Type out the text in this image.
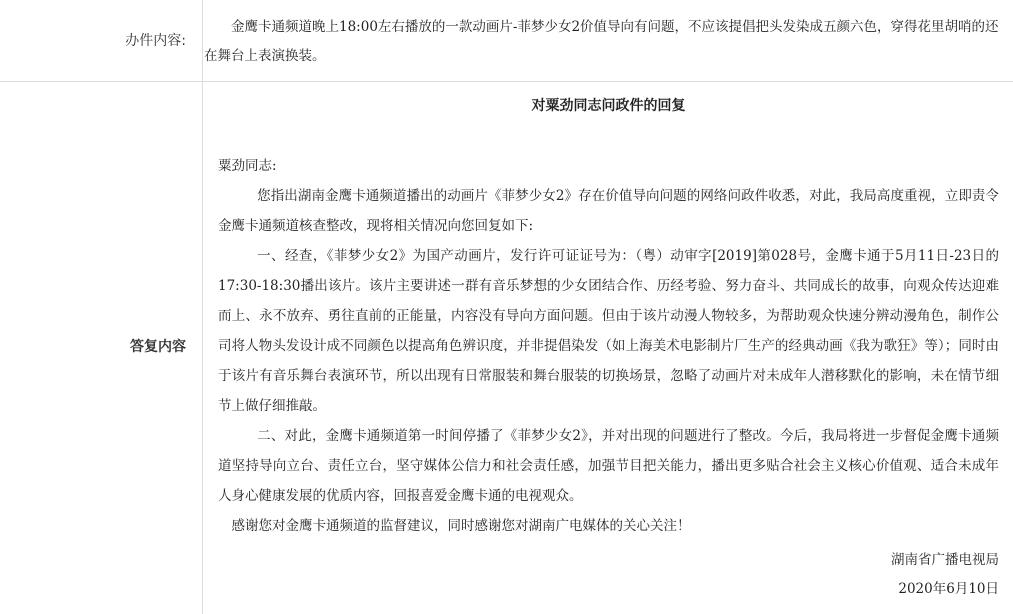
办件内容:
金鹰卡通频道晚上18:00左右播放的一款动画片-菲梦少女2价值导向有问题，不应该提倡把头发染成五颜六色，穿得花里胡哨的还在舞台上表演换装。
答复内容
对粟劲同志问政件的回复
粟劲同志:

您指出湖南金鹰卡通频道播出的动画片《菲梦少女2》存在价值导向问题的网络问政件收悉，对此，我局高度重视，立即责令金鹰卡通频道核查整改，现将相关情况向您回复如下:

一、经查，《菲梦少女2》为国产动画片，发行许可证证号为：（粤）动审字[2019]第028号，金鹰卡通于5月11日-23日的17:30-18:30播出该片。该片主要讲述一群有音乐梦想的少女团结合作、历经考验、努力奋斗、共同成长的故事，向观众传达迎难而上、永不放弃、勇往直前的正能量，内容没有导向方面问题。但由于该片动漫人物较多，为帮助观众快速分辨动漫角色，制作公司将人物头发设计成不同颜色以提高角色辨识度，并非提倡染发（如上海美术电影制片厂生产的经典动画《我为歌狂》等）；同时由于该片有音乐舞台表演环节，所以出现有日常服装和舞台服装的切换场景，忽略了动画片对未成年人潜移默化的影响，未在情节细节上做仔细推敲。

二、对此，金鹰卡通频道第一时间停播了《菲梦少女2》，并对出现的问题进行了整改。今后，我局将进一步督促金鹰卡通频道坚持导向立台、责任立台，坚守媒体公信力和社会责任感，加强节目把关能力，播出更多贴合社会主义核心价值观、适合未成年人身心健康发展的优质内容，回报喜爱金鹰卡通的电视观众。

感谢您对金鹰卡通频道的监督建议，同时感谢您对湖南广电媒体的关心关注！

湖南省广播电视局
2020年6月10日
